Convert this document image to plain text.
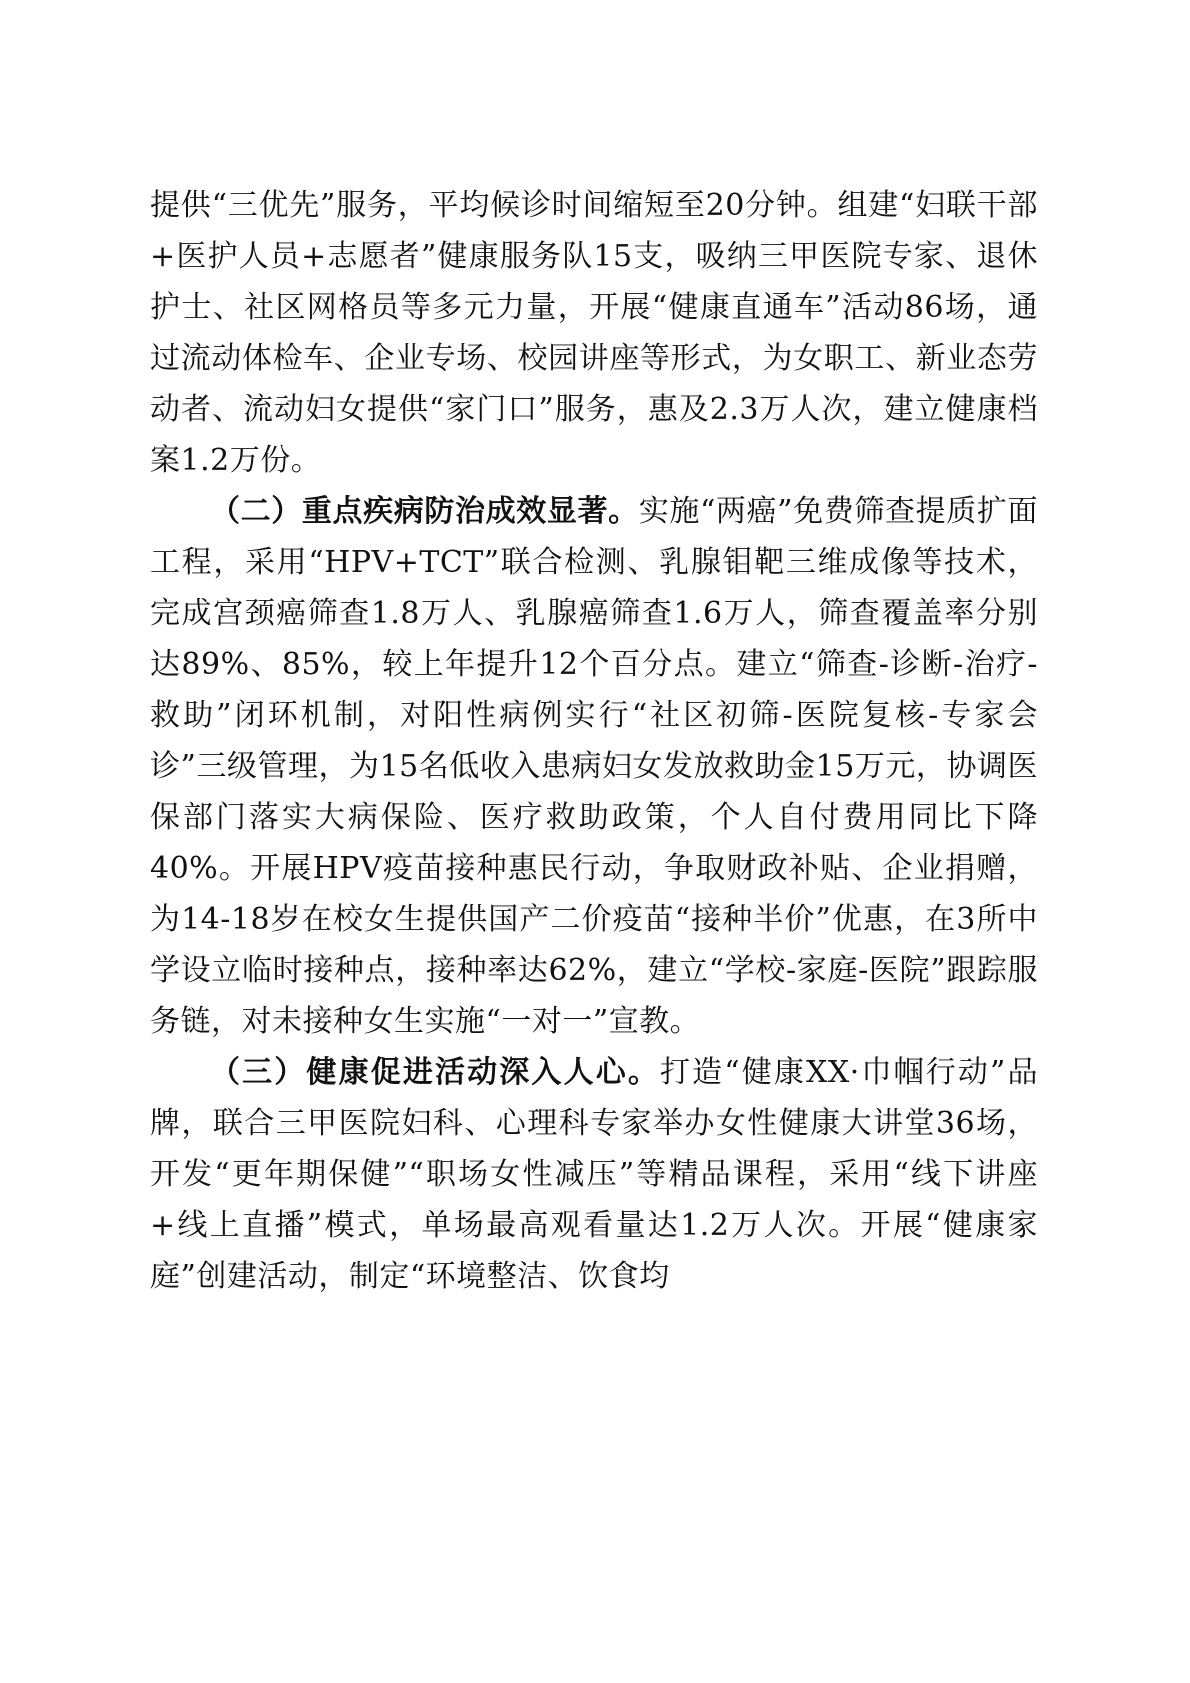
提供“三优先”服务，平均候诊时间缩短至20分钟。组建“妇联干部+医护人员+志愿者”健康服务队15支，吸纳三甲医院专家、退休护士、社区网格员等多元力量，开展“健康直通车”活动86场，通过流动体检车、企业专场、校园讲座等形式，为女职工、新业态劳动者、流动妇女提供“家门口”服务，惠及2.3万人次，建立健康档案1.2万份。

（二）重点疾病防治成效显著。实施“两癌”免费筛查提质扩面工程，采用“HPV+TCT”联合检测、乳腺钼靶三维成像等技术，完成宫颈癌筛查1.8万人、乳腺癌筛查1.6万人，筛查覆盖率分别达89%、85%，较上年提升12个百分点。建立“筛查-诊断-治疗-救助”闭环机制，对阳性病例实行“社区初筛-医院复核-专家会诊”三级管理，为15名低收入患病妇女发放救助金15万元，协调医保部门落实大病保险、医疗救助政策，个人自付费用同比下降40%。开展HPV疫苗接种惠民行动，争取财政补贴、企业捐赠，为14-18岁在校女生提供国产二价疫苗“接种半价”优惠，在3所中学设立临时接种点，接种率达62%，建立“学校-家庭-医院”跟踪服务链，对未接种女生实施“一对一”宣教。

（三）健康促进活动深入人心。打造“健康XX·巾帼行动”品牌，联合三甲医院妇科、心理科专家举办女性健康大讲堂36场，开发“更年期保健”“职场女性减压”等精品课程，采用“线下讲座+线上直播”模式，单场最高观看量达1.2万人次。开展“健康家庭”创建活动，制定“环境整洁、饮食均
